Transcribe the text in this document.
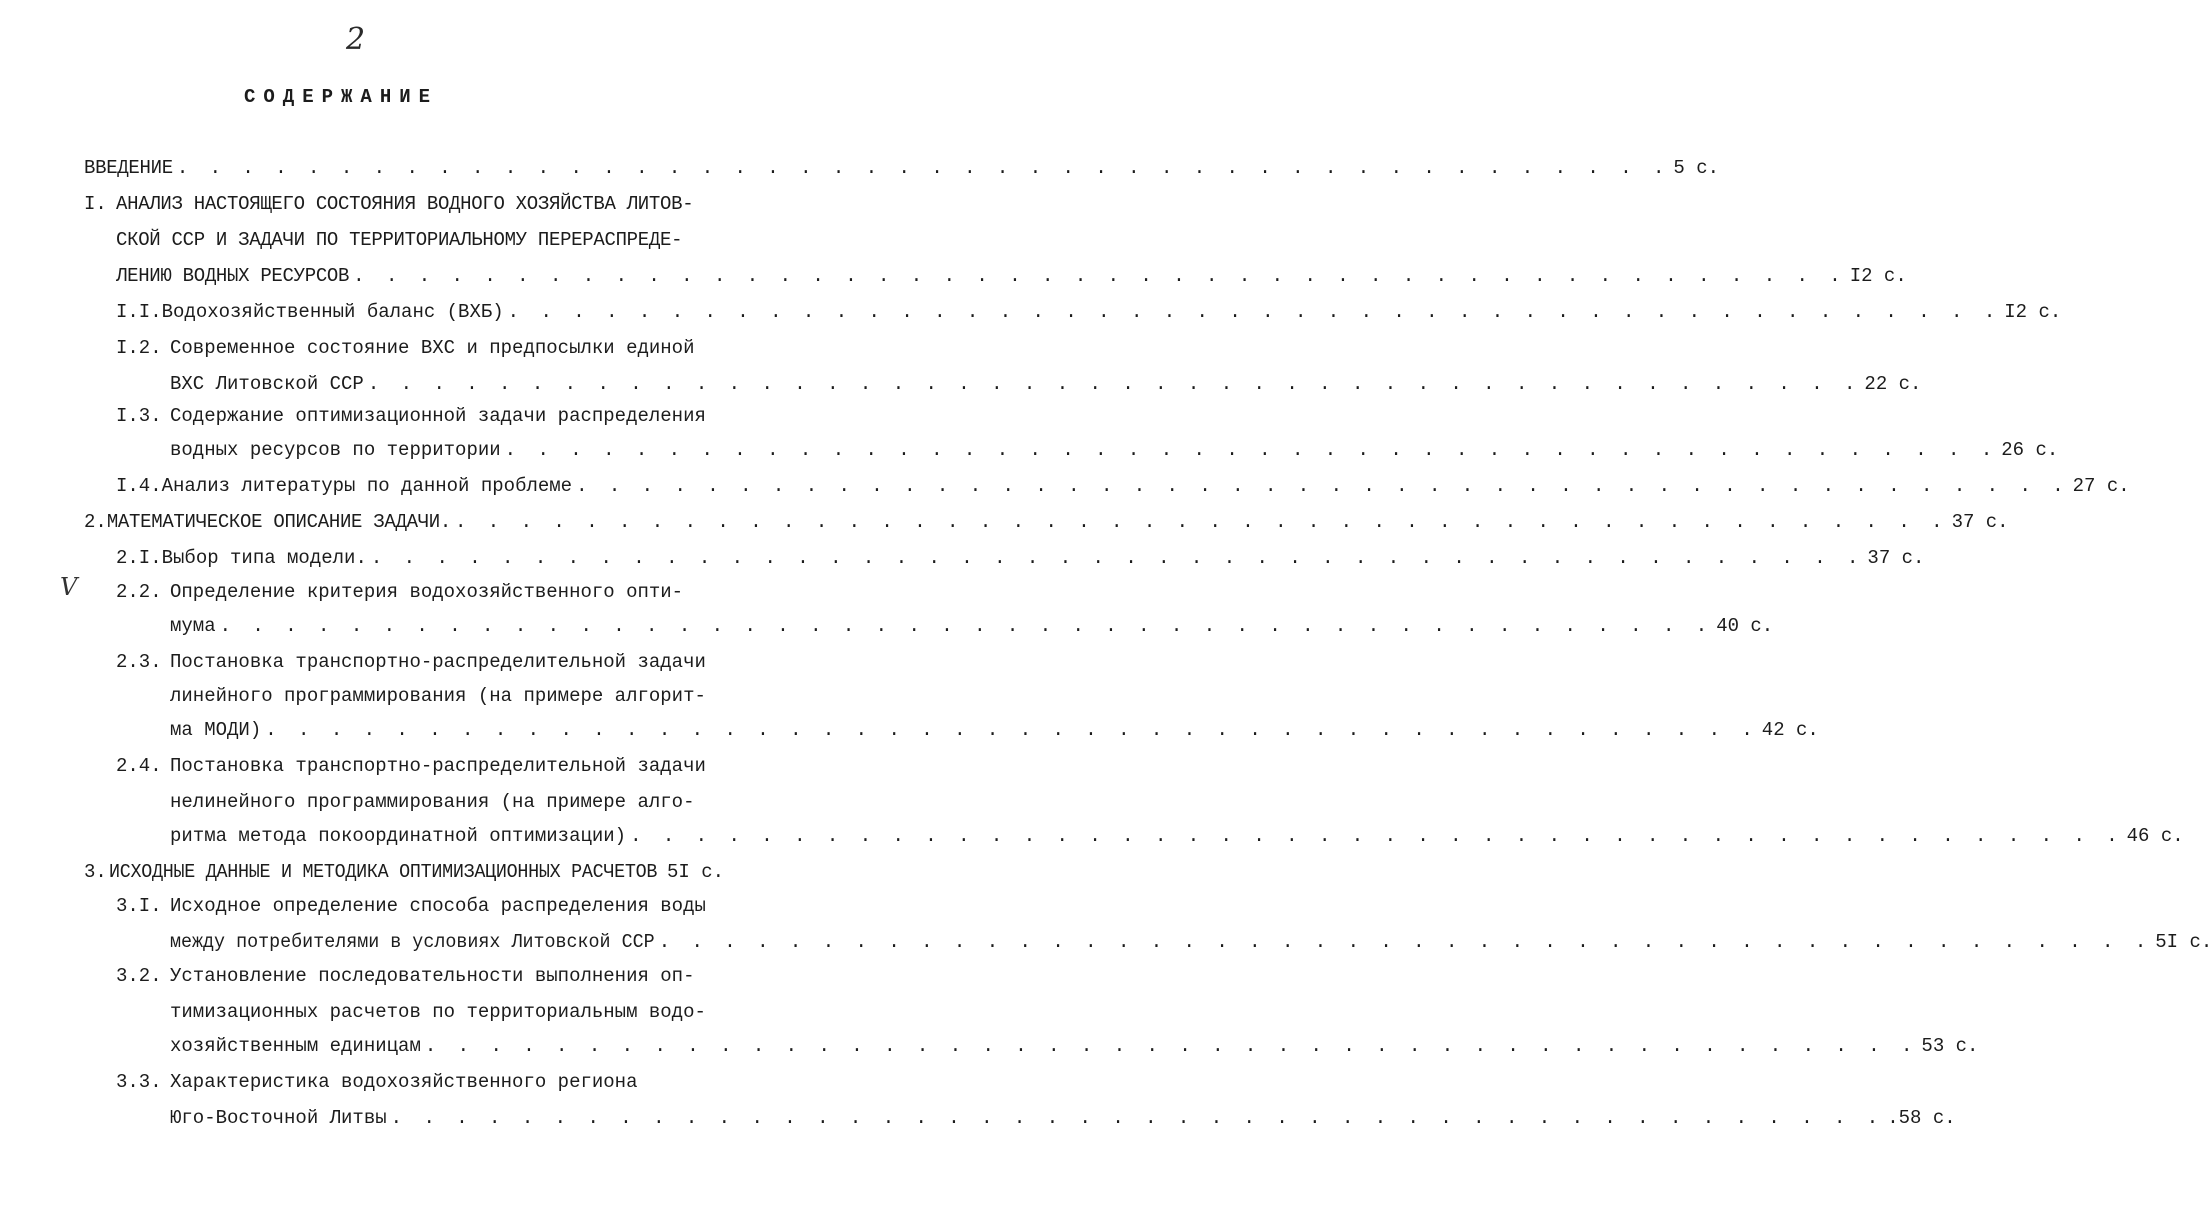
2
СОДЕРЖАНИЕ
V
ВВЕДЕНИЕ . . . . . . . . . . . . . . . . . . . . . . . . . . . . . . . . . . . . . . . . . . . . . . 5 с.
I. АНАЛИЗ НАСТОЯЩЕГО СОСТОЯНИЯ ВОДНОГО ХОЗЯЙСТВА ЛИТОВ-
СКОЙ ССР И ЗАДАЧИ ПО ТЕРРИТОРИАЛЬНОМУ ПЕРЕРАСПРЕДЕ-
ЛЕНИЮ ВОДНЫХ РЕСУРСОВ . . . . . . . . . . . . . . . . . . . . . . . . . . . . . . . . . . . . . . . . . . . . . . I2 с.
I.I. Водохозяйственный баланс (ВХБ) . . . . . . . . . . . . . . . . . . . . . . . . . . . . . . . . . . . . . . . . . . . . . . I2 с.
I.2. Современное состояние ВХС и предпосылки единой
ВХС Литовской ССР . . . . . . . . . . . . . . . . . . . . . . . . . . . . . . . . . . . . . . . . . . . . . . 22 с.
I.3. Содержание оптимизационной задачи распределения
водных ресурсов по территории . . . . . . . . . . . . . . . . . . . . . . . . . . . . . . . . . . . . . . . . . . . . . . 26 с.
I.4. Анализ литературы по данной проблеме . . . . . . . . . . . . . . . . . . . . . . . . . . . . . . . . . . . . . . . . . . . . . . 27 с.
2. МАТЕМАТИЧЕСКОЕ ОПИСАНИЕ ЗАДАЧИ. . . . . . . . . . . . . . . . . . . . . . . . . . . . . . . . . . . . . . . . . . . . . . . 37 с.
2.I. Выбор типа модели. . . . . . . . . . . . . . . . . . . . . . . . . . . . . . . . . . . . . . . . . . . . . . . 37 с.
2.2. Определение критерия водохозяйственного опти-
мума . . . . . . . . . . . . . . . . . . . . . . . . . . . . . . . . . . . . . . . . . . . . . . 40 с.
2.3. Постановка транспортно-распределительной задачи
линейного программирования (на примере алгорит-
ма МОДИ) . . . . . . . . . . . . . . . . . . . . . . . . . . . . . . . . . . . . . . . . . . . . . . 42 с.
2.4. Постановка транспортно-распределительной задачи
нелинейного программирования (на примере алго-
ритма метода покоординатной оптимизации) . . . . . . . . . . . . . . . . . . . . . . . . . . . . . . . . . . . . . . . . . . . . . . 46 с.
3. ИСХОДНЫЕ ДАННЫЕ И МЕТОДИКА ОПТИМИЗАЦИОННЫХ РАСЧЕТОВ 5I с.
3.I. Исходное определение способа распределения воды
между потребителями в условиях Литовской ССР . . . . . . . . . . . . . . . . . . . . . . . . . . . . . . . . . . . . . . . . . . . . . . 5I с.
3.2. Установление последовательности выполнения оп-
тимизационных расчетов по территориальным водо-
хозяйственным единицам . . . . . . . . . . . . . . . . . . . . . . . . . . . . . . . . . . . . . . . . . . . . . . 53 с.
3.3. Характеристика водохозяйственного региона
Юго-Восточной Литвы . . . . . . . . . . . . . . . . . . . . . . . . . . . . . . . . . . . . . . . . . . . . . . .58 с.
